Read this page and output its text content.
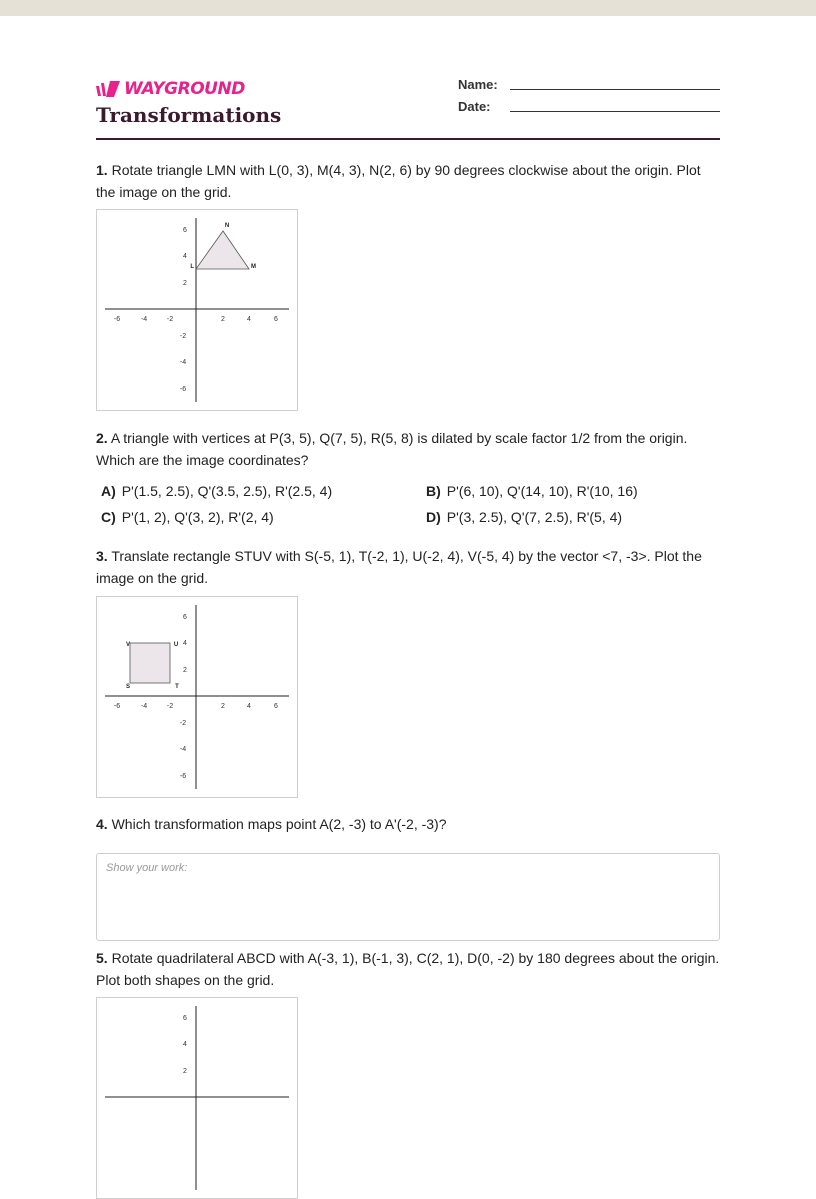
WAYGROUND
Transformations
Name:
Date:
1. Rotate triangle LMN with L(0, 3), M(4, 3), N(2, 6) by 90 degrees clockwise about the origin. Plot the image on the grid.
-6	-4	-2	2	4	6
6
4
2
-2
-4
-6
L	M
N
2. A triangle with vertices at P(3, 5), Q(7, 5), R(5, 8) is dilated by scale factor 1/2 from the origin. Which are the image coordinates?
A) P'(1.5, 2.5), Q'(3.5, 2.5), R'(2.5, 4)	B) P'(6, 10), Q'(14, 10), R'(10, 16)
C) P'(1, 2), Q'(3, 2), R'(2, 4)	D) P'(3, 2.5), Q'(7, 2.5), R'(5, 4)
3. Translate rectangle STUV with S(-5, 1), T(-2, 1), U(-2, 4), V(-5, 4) by the vector <7, -3>. Plot the image on the grid.
-6	-4	-2	2	4	6
6
4
2
-2
-4
-6
S	T
U
V
4. Which transformation maps point A(2, -3) to A'(-2, -3)?
Show your work:
5. Rotate quadrilateral ABCD with A(-3, 1), B(-1, 3), C(2, 1), D(0, -2) by 180 degrees about the origin. Plot both shapes on the grid.
6
4
2
